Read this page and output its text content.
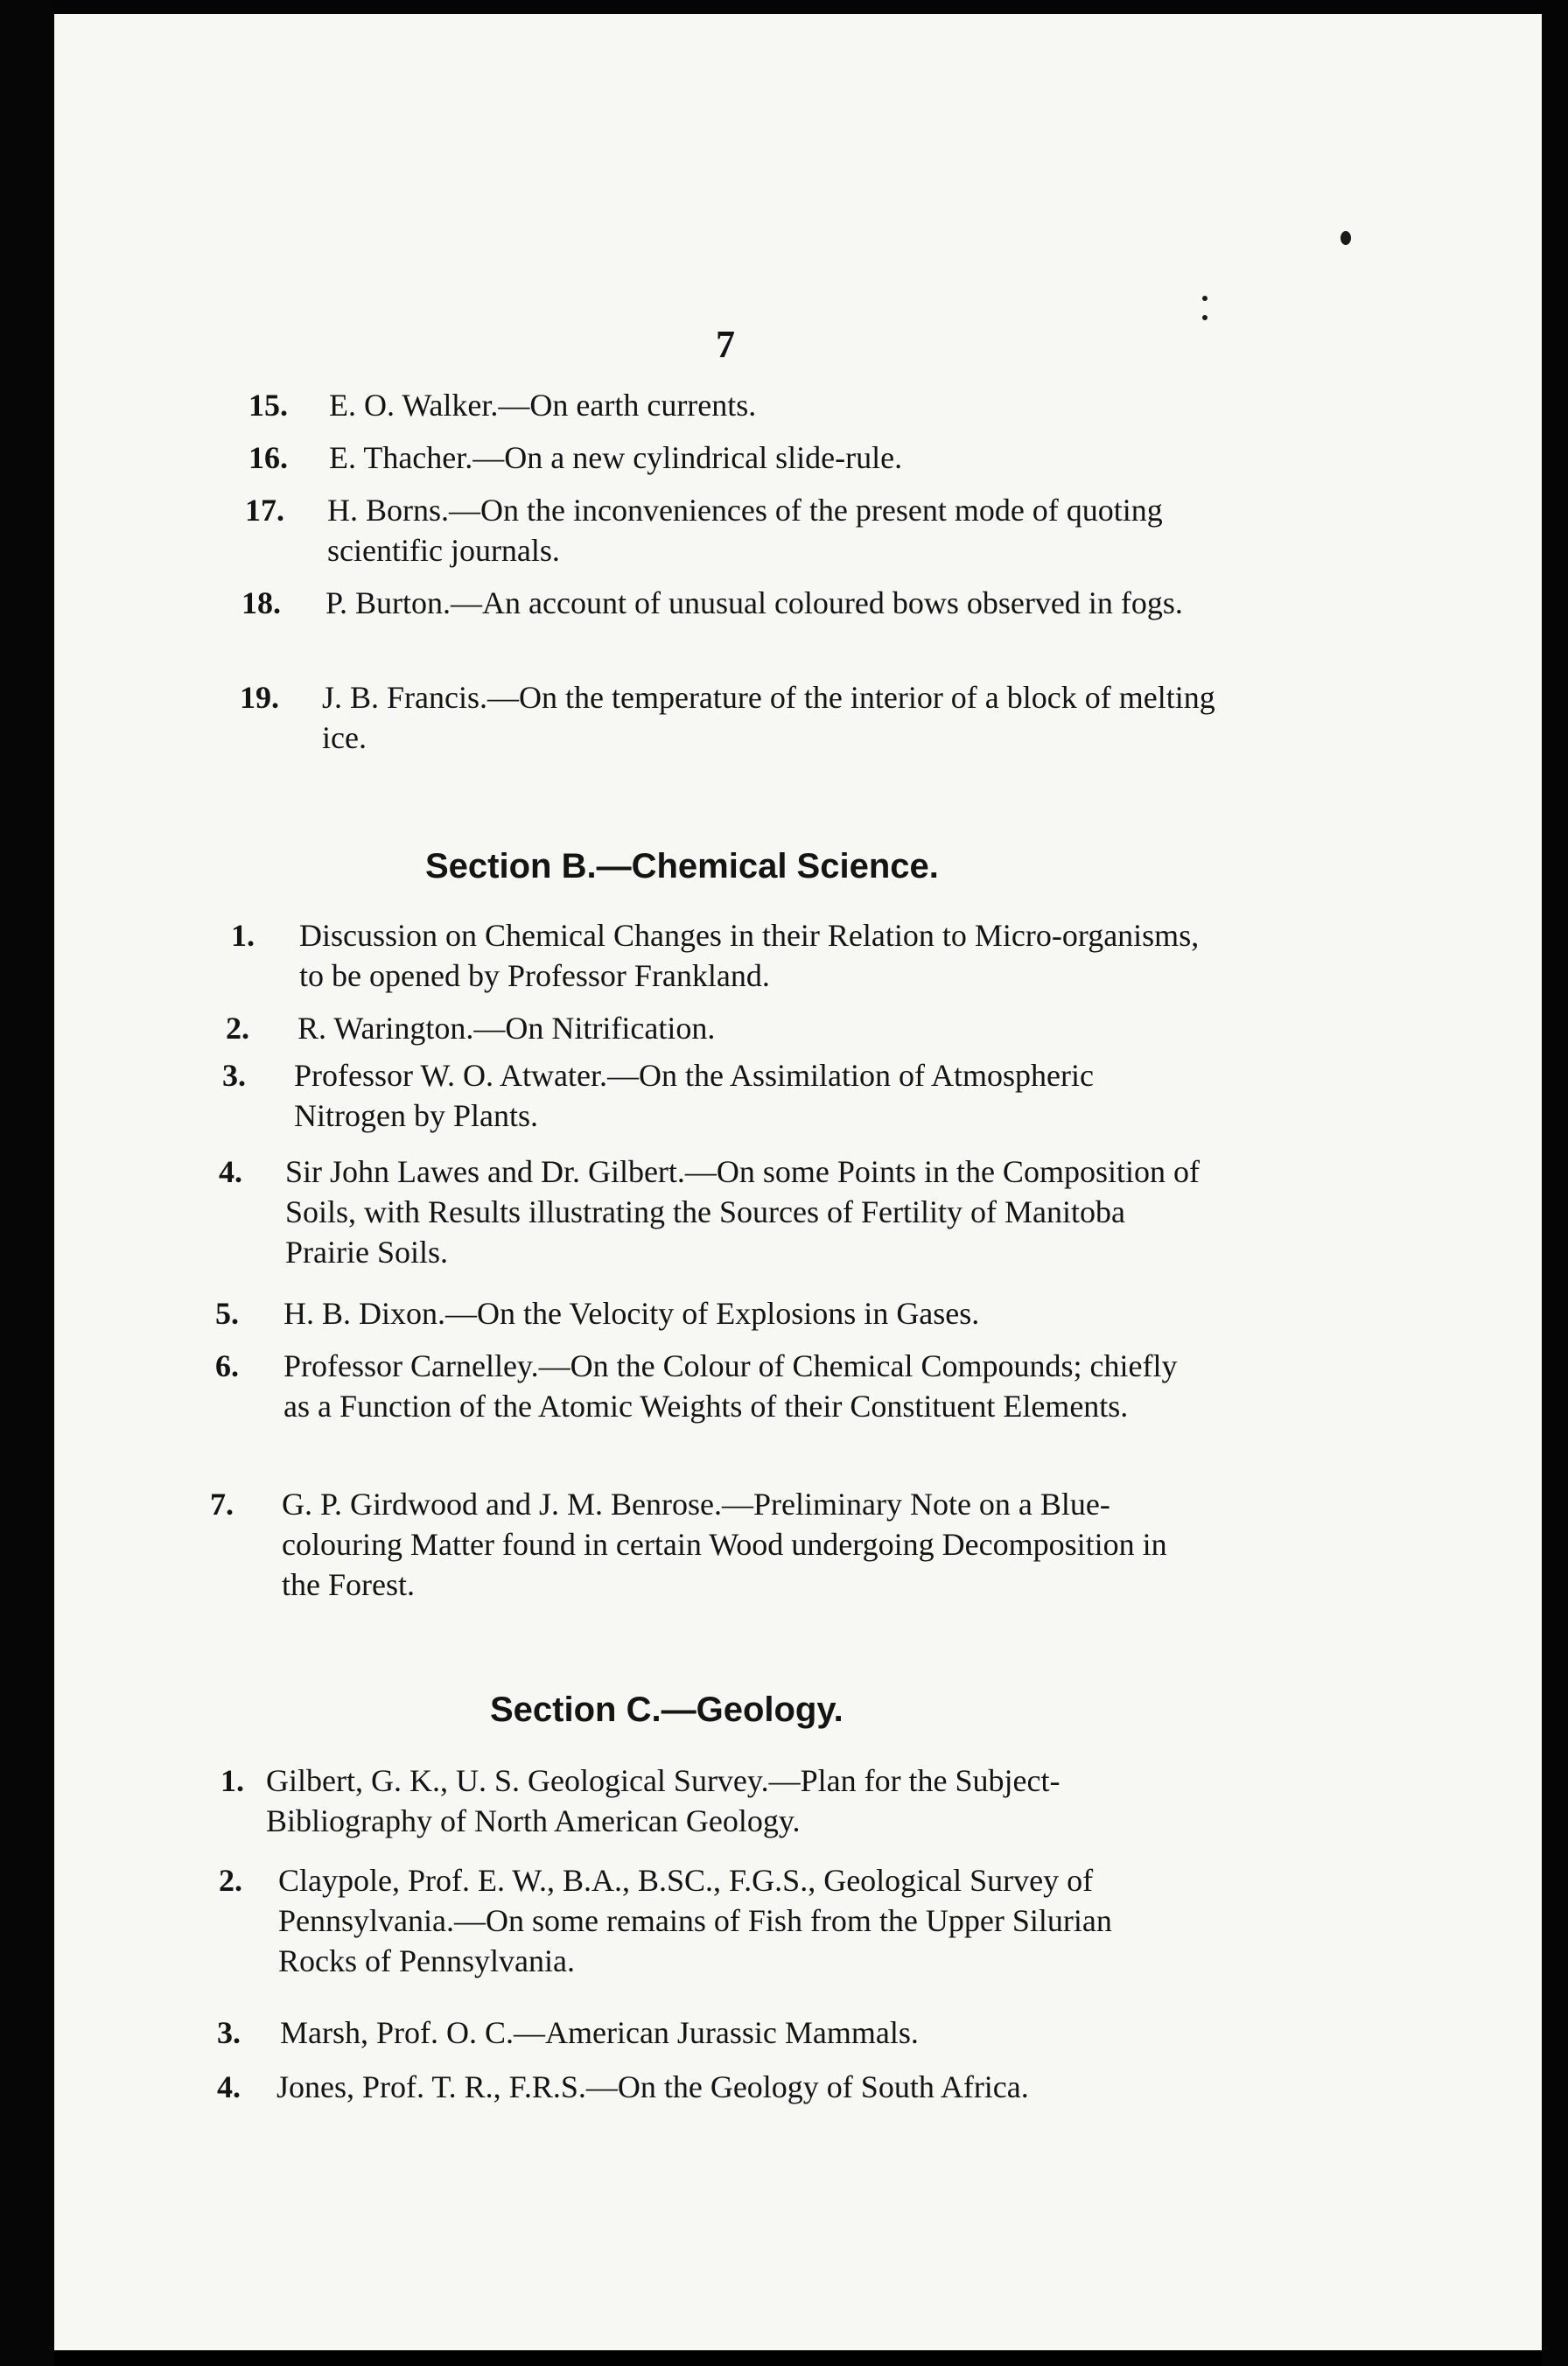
7
15. E. O. Walker.—On earth currents.
16. E. Thacher.—On a new cylindrical slide-rule.
17. H. Borns.—On the inconveniences of the present mode of quoting scientific journals.
18. P. Burton.—An account of unusual coloured bows observed in fogs.
19. J. B. Francis.—On the temperature of the interior of a block of melting ice.
Section B.—Chemical Science.
1. Discussion on Chemical Changes in their Relation to Micro-organisms, to be opened by Professor Frankland.
2. R. Warington.—On Nitrification.
3. Professor W. O. Atwater.—On the Assimilation of Atmospheric Nitrogen by Plants.
4. Sir John Lawes and Dr. Gilbert.—On some Points in the Composition of Soils, with Results illustrating the Sources of Fertility of Manitoba Prairie Soils.
5. H. B. Dixon.—On the Velocity of Explosions in Gases.
6. Professor Carnelley.—On the Colour of Chemical Compounds; chiefly as a Function of the Atomic Weights of their Constituent Elements.
7. G. P. Girdwood and J. M. Benrose.—Preliminary Note on a Blue-colouring Matter found in certain Wood undergoing Decomposition in the Forest.
Section C.—Geology.
1. Gilbert, G. K., U. S. Geological Survey.—Plan for the Subject-Bibliography of North American Geology.
2. Claypole, Prof. E. W., B.A., B.SC., F.G.S., Geological Survey of Pennsylvania.—On some remains of Fish from the Upper Silurian Rocks of Pennsylvania.
3. Marsh, Prof. O. C.—American Jurassic Mammals.
4. Jones, Prof. T. R., F.R.S.—On the Geology of South Africa.
